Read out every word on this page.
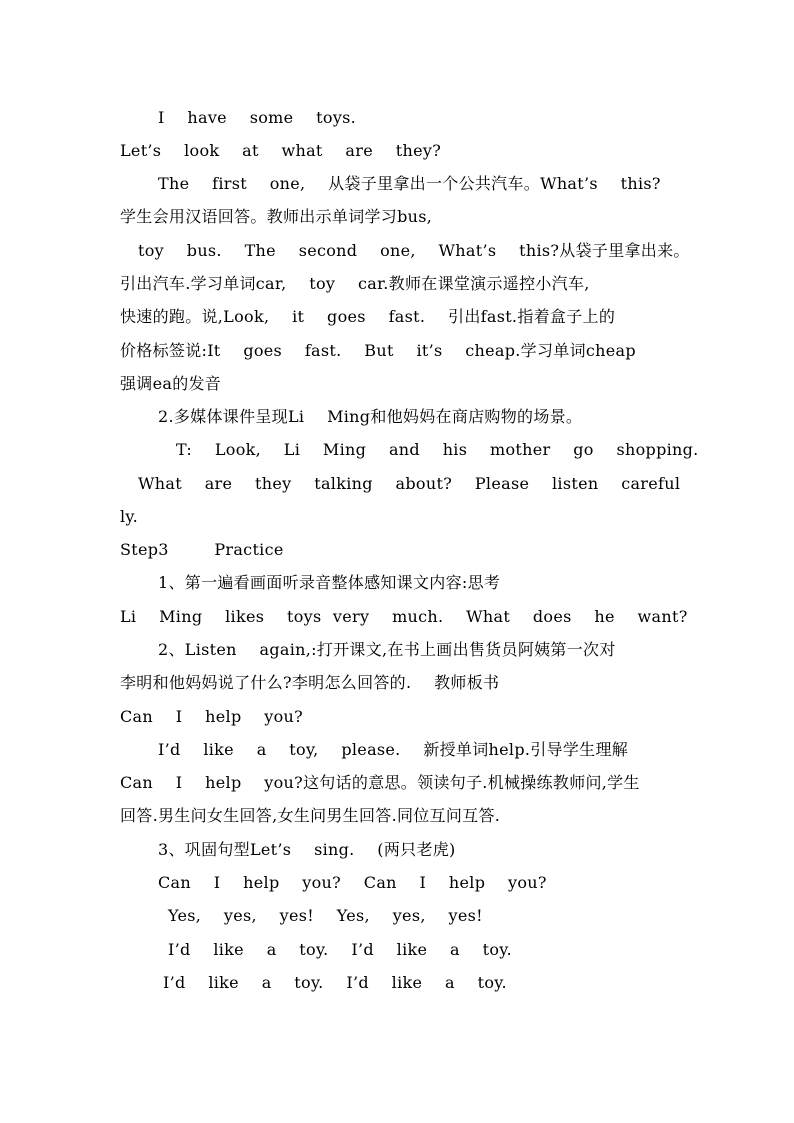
I  have  some  toys.
Let’s  look  at  what  are  they?
The  first  one,  从袋子里拿出一个公共汽车。What’s  this?
学生会用汉语回答。教师出示单词学习bus,
toy  bus.  The  second  one,  What’s  this?从袋子里拿出来。
引出汽车.学习单词car,  toy  car.教师在课堂演示遥控小汽车,
快速的跑。说,Look,  it  goes  fast.  引出fast.指着盒子上的
价格标签说:It  goes  fast.  But  it’s  cheap.学习单词cheap
强调ea的发音
2.多媒体课件呈现Li  Ming和他妈妈在商店购物的场景。
T:  Look,  Li  Ming  and  his  mother  go  shopping.
What  are  they  talking  about?  Please  listen  careful
ly.
Step3    Practice
1、第一遍看画面听录音整体感知课文内容:思考
Li  Ming  likes  toys very  much.  What  does  he  want?
2、Listen  again,:打开课文,在书上画出售货员阿姨第一次对
李明和他妈妈说了什么?李明怎么回答的.  教师板书
Can  I  help  you?
I’d  like  a  toy,  please.  新授单词help.引导学生理解
Can  I  help  you?这句话的意思。领读句子.机械操练教师问,学生
回答.男生问女生回答,女生问男生回答.同位互问互答.
3、巩固句型Let’s  sing.  (两只老虎)
Can  I  help  you?  Can  I  help  you?
Yes,  yes,  yes!  Yes,  yes,  yes!
I’d  like  a  toy.  I’d  like  a  toy.
I’d  like  a  toy.  I’d  like  a  toy.
